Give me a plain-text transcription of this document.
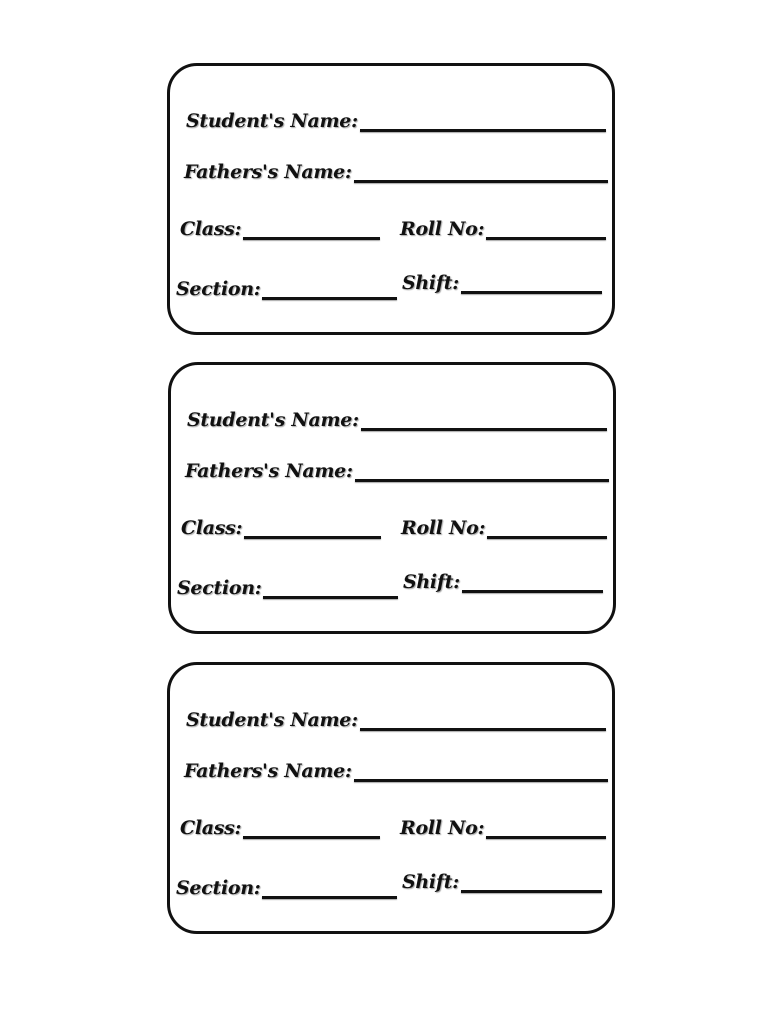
Student's Name:
Fathers's Name:
Class:	Roll No:
Section:	Shift:
Student's Name:
Fathers's Name:
Class:	Roll No:
Section:	Shift:
Student's Name:
Fathers's Name:
Class:	Roll No:
Section:	Shift:
